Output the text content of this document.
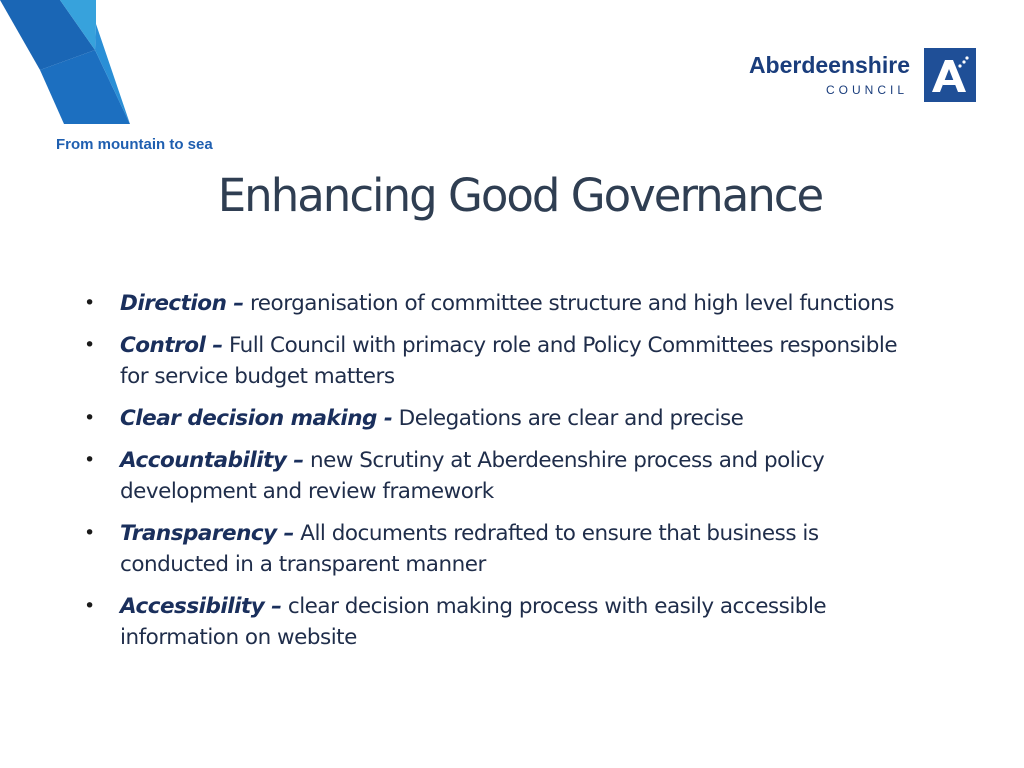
From mountain to sea
Aberdeenshire
COUNCIL
Enhancing Good Governance
• Direction – reorganisation of committee structure and high level functions
• Control – Full Council with primacy role and Policy Committees responsible for service budget matters
• Clear decision making - Delegations are clear and precise
• Accountability – new Scrutiny at Aberdeenshire process and policy development and review framework
• Transparency – All documents redrafted to ensure that business is conducted in a transparent manner
• Accessibility – clear decision making process with easily accessible information on website
